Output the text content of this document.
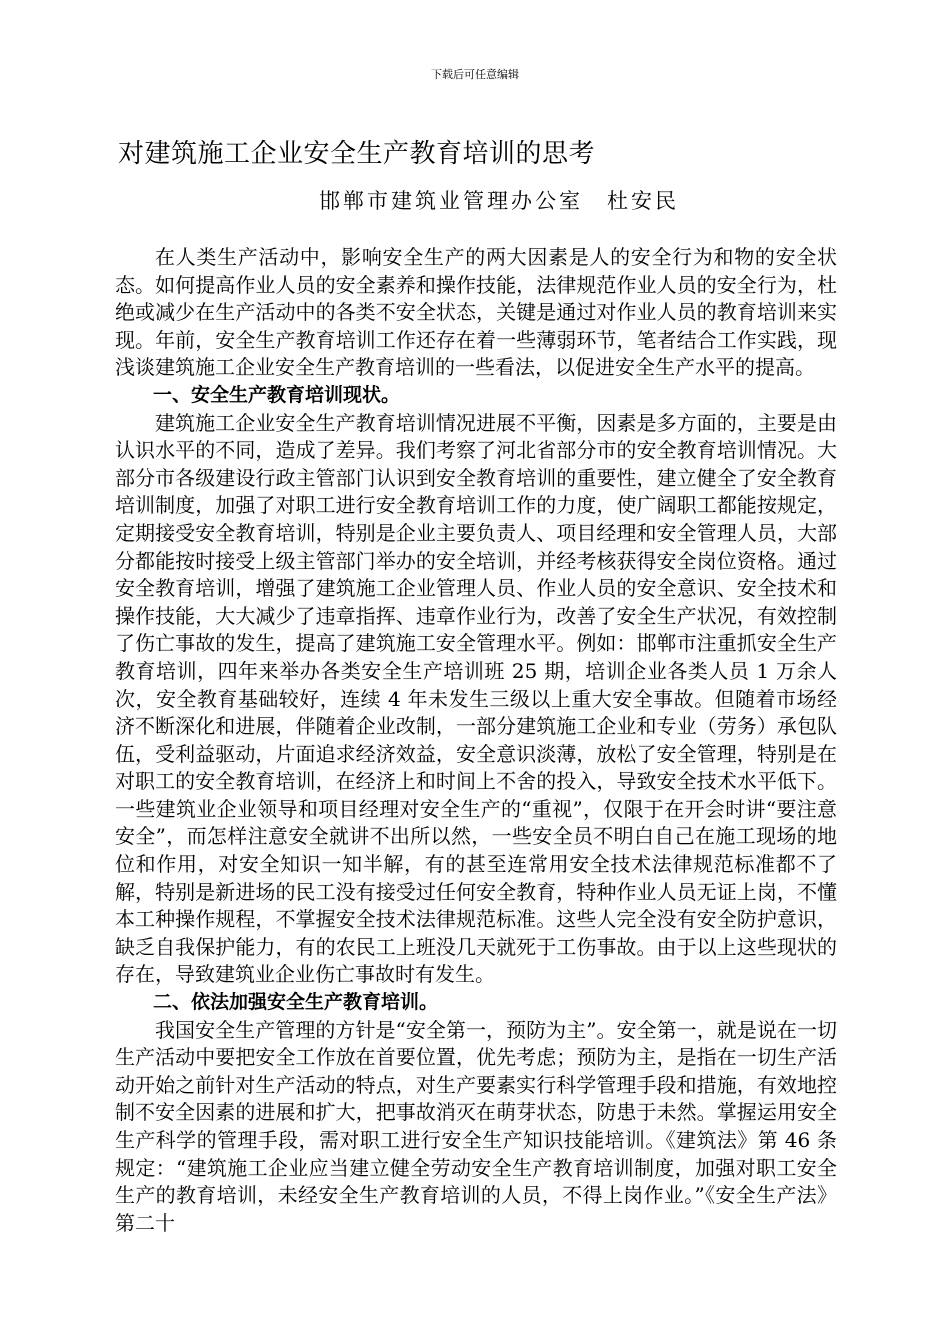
下载后可任意编辑
对建筑施工企业安全生产教育培训的思考
邯郸市建筑业管理办公室　杜安民

在人类生产活动中，影响安全生产的两大因素是人的安全行为和物的安全状态。如何提高作业人员的安全素养和操作技能，法律规范作业人员的安全行为，杜绝或减少在生产活动中的各类不安全状态，关键是通过对作业人员的教育培训来实现。年前，安全生产教育培训工作还存在着一些薄弱环节，笔者结合工作实践，现浅谈建筑施工企业安全生产教育培训的一些看法，以促进安全生产水平的提高。

一、安全生产教育培训现状。

建筑施工企业安全生产教育培训情况进展不平衡，因素是多方面的，主要是由认识水平的不同，造成了差异。我们考察了河北省部分市的安全教育培训情况。大部分市各级建设行政主管部门认识到安全教育培训的重要性，建立健全了安全教育培训制度，加强了对职工进行安全教育培训工作的力度，使广阔职工都能按规定，定期接受安全教育培训，特别是企业主要负责人、项目经理和安全管理人员，大部分都能按时接受上级主管部门举办的安全培训，并经考核获得安全岗位资格。通过安全教育培训，增强了建筑施工企业管理人员、作业人员的安全意识、安全技术和操作技能，大大减少了违章指挥、违章作业行为，改善了安全生产状况，有效控制了伤亡事故的发生，提高了建筑施工安全管理水平。例如：邯郸市注重抓安全生产教育培训，四年来举办各类安全生产培训班 25 期，培训企业各类人员 1 万余人次，安全教育基础较好，连续 4 年未发生三级以上重大安全事故。但随着市场经济不断深化和进展，伴随着企业改制，一部分建筑施工企业和专业（劳务）承包队伍，受利益驱动，片面追求经济效益，安全意识淡薄，放松了安全管理，特别是在对职工的安全教育培训，在经济上和时间上不舍的投入，导致安全技术水平低下。一些建筑业企业领导和项目经理对安全生产的“重视”，仅限于在开会时讲“要注意安全”，而怎样注意安全就讲不出所以然，一些安全员不明白自己在施工现场的地位和作用，对安全知识一知半解，有的甚至连常用安全技术法律规范标准都不了解，特别是新进场的民工没有接受过任何安全教育，特种作业人员无证上岗，不懂本工种操作规程，不掌握安全技术法律规范标准。这些人完全没有安全防护意识，缺乏自我保护能力，有的农民工上班没几天就死于工伤事故。由于以上这些现状的存在，导致建筑业企业伤亡事故时有发生。

二、依法加强安全生产教育培训。

我国安全生产管理的方针是“安全第一，预防为主”。安全第一，就是说在一切生产活动中要把安全工作放在首要位置，优先考虑；预防为主，是指在一切生产活动开始之前针对生产活动的特点，对生产要素实行科学管理手段和措施，有效地控制不安全因素的进展和扩大，把事故消灭在萌芽状态，防患于未然。掌握运用安全生产科学的管理手段，需对职工进行安全生产知识技能培训。《建筑法》第 46 条规定：“建筑施工企业应当建立健全劳动安全生产教育培训制度，加强对职工安全生产的教育培训，未经安全生产教育培训的人员，不得上岗作业。”《安全生产法》第二十
